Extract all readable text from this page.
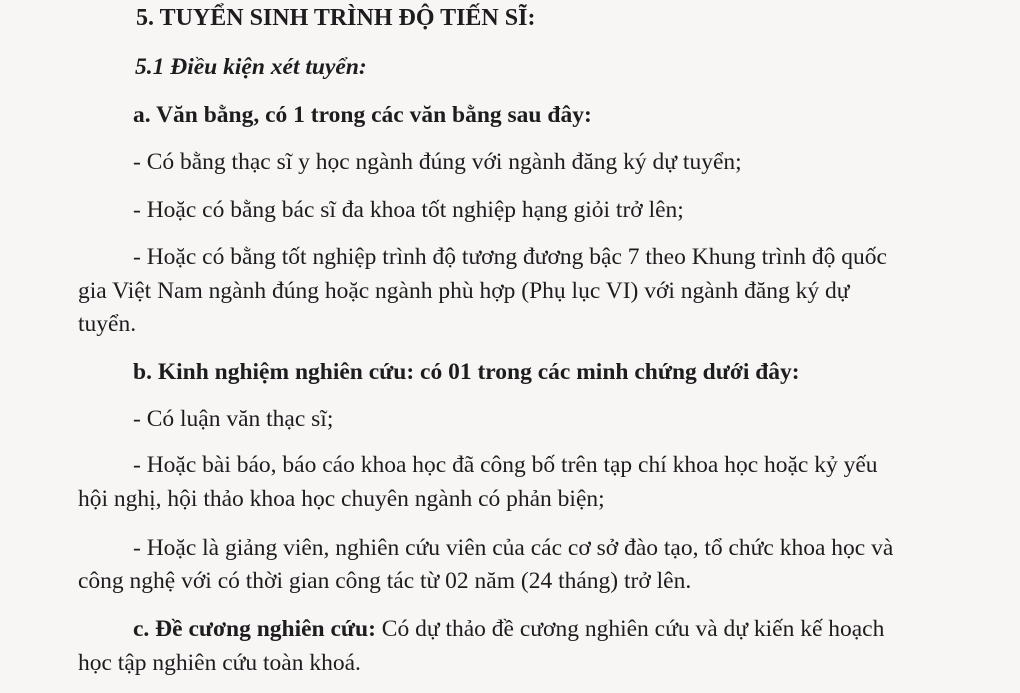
5. TUYỂN SINH TRÌNH ĐỘ TIẾN SĨ:

5.1 Điều kiện xét tuyển:

a. Văn bằng, có 1 trong các văn bằng sau đây:

- Có bằng thạc sĩ y học ngành đúng với ngành đăng ký dự tuyển;

- Hoặc có bằng bác sĩ đa khoa tốt nghiệp hạng giỏi trở lên;

- Hoặc có bằng tốt nghiệp trình độ tương đương bậc 7 theo Khung trình độ quốc

gia Việt Nam ngành đúng hoặc ngành phù hợp (Phụ lục VI) với ngành đăng ký dự

tuyển.

b. Kinh nghiệm nghiên cứu: có 01 trong các minh chứng dưới đây:

- Có luận văn thạc sĩ;

- Hoặc bài báo, báo cáo khoa học đã công bố trên tạp chí khoa học hoặc kỷ yếu

hội nghị, hội thảo khoa học chuyên ngành có phản biện;

- Hoặc là giảng viên, nghiên cứu viên của các cơ sở đào tạo, tổ chức khoa học và

công nghệ với có thời gian công tác từ 02 năm (24 tháng) trở lên.

c. Đề cương nghiên cứu: Có dự thảo đề cương nghiên cứu và dự kiến kế hoạch

học tập nghiên cứu toàn khoá.
